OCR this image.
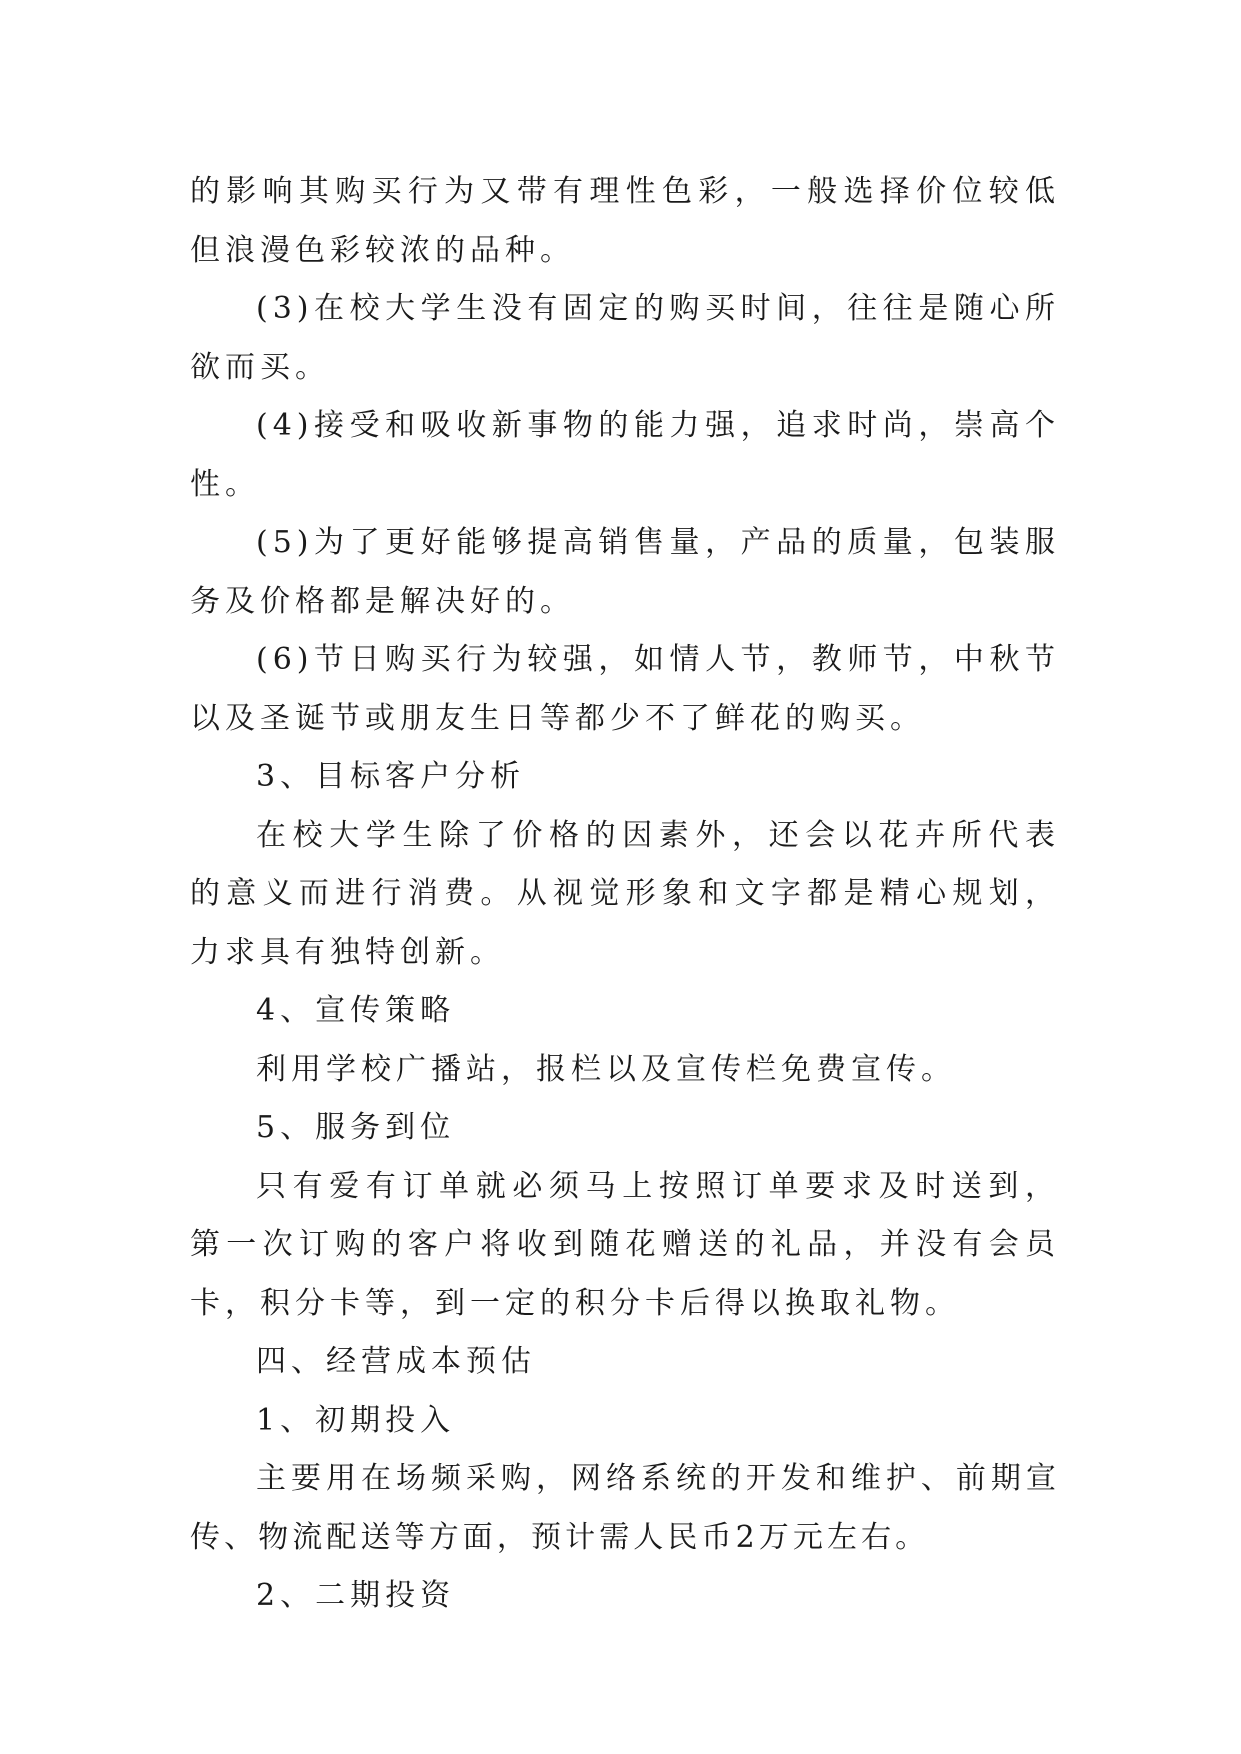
的影响其购买行为又带有理性色彩，一般选择价位较低但浪漫色彩较浓的品种。

(3)在校大学生没有固定的购买时间，往往是随心所欲而买。

(4)接受和吸收新事物的能力强，追求时尚，崇高个性。

(5)为了更好能够提高销售量，产品的质量，包装服务及价格都是解决好的。

(6)节日购买行为较强，如情人节，教师节，中秋节以及圣诞节或朋友生日等都少不了鲜花的购买。

3、目标客户分析

在校大学生除了价格的因素外，还会以花卉所代表的意义而进行消费。从视觉形象和文字都是精心规划，力求具有独特创新。

4、宣传策略

利用学校广播站，报栏以及宣传栏免费宣传。

5、服务到位

只有爱有订单就必须马上按照订单要求及时送到，第一次订购的客户将收到随花赠送的礼品，并没有会员卡，积分卡等，到一定的积分卡后得以换取礼物。

四、经营成本预估

1、初期投入

主要用在场频采购，网络系统的开发和维护、前期宣传、物流配送等方面，预计需人民币2万元左右。

2、二期投资
